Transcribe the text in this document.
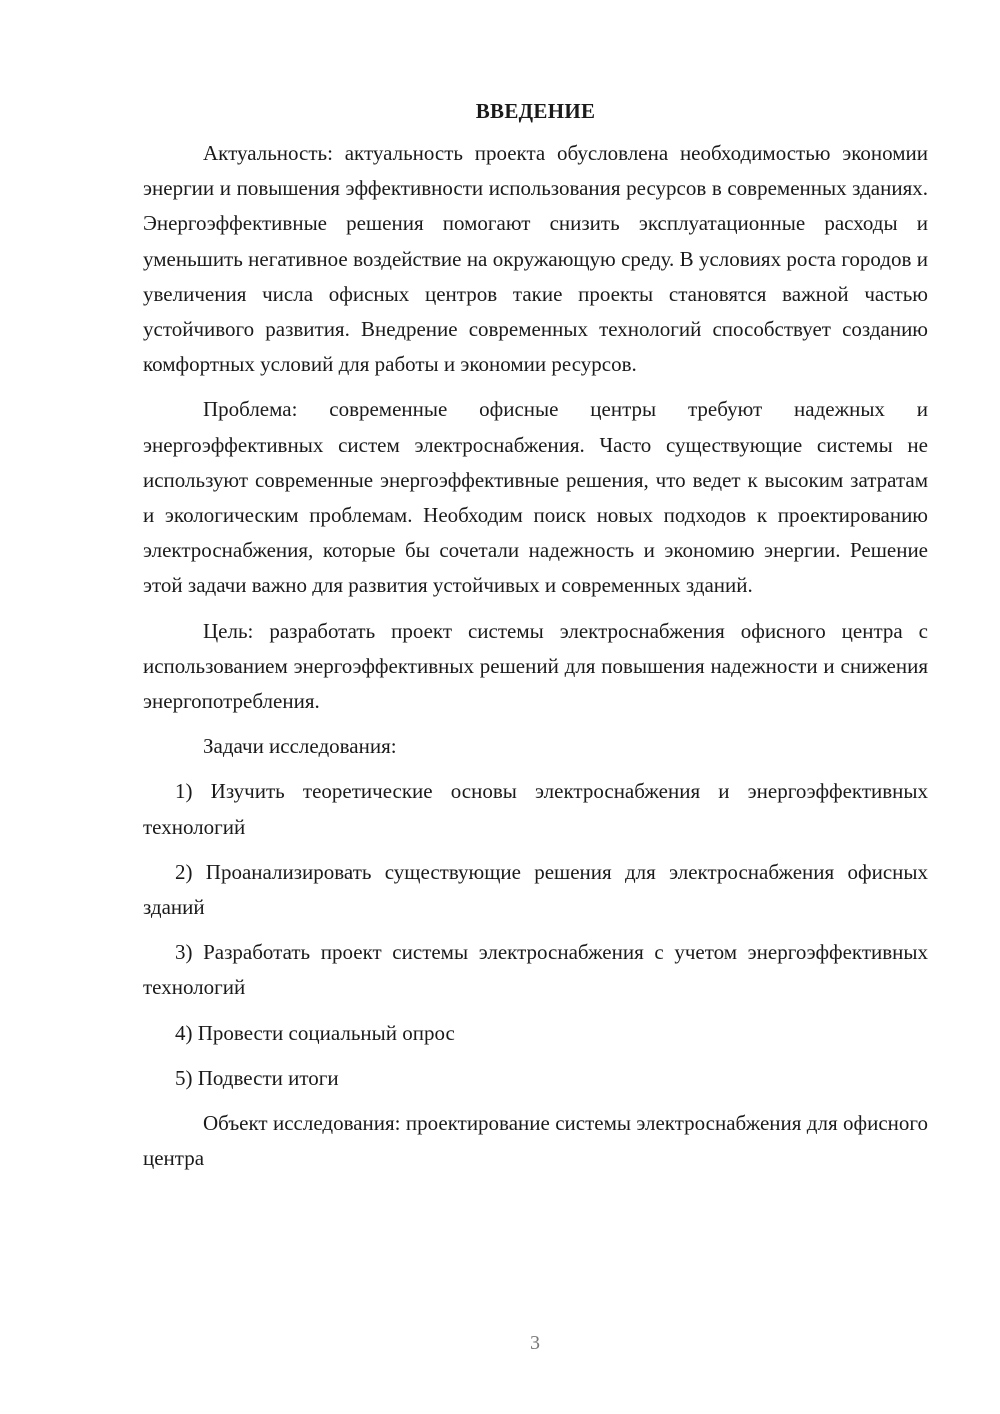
ВВЕДЕНИЕ

Актуальность: актуальность проекта обусловлена необходимостью экономии энергии и повышения эффективности использования ресурсов в современных зданиях. Энергоэффективные решения помогают снизить эксплуатационные расходы и уменьшить негативное воздействие на окружающую среду. В условиях роста городов и увеличения числа офисных центров такие проекты становятся важной частью устойчивого развития. Внедрение современных технологий способствует созданию комфортных условий для работы и экономии ресурсов.

Проблема: современные офисные центры требуют надежных и энергоэффективных систем электроснабжения. Часто существующие системы не используют современные энергоэффективные решения, что ведет к высоким затратам и экологическим проблемам. Необходим поиск новых подходов к проектированию электроснабжения, которые бы сочетали надежность и экономию энергии. Решение этой задачи важно для развития устойчивых и современных зданий.

Цель: разработать проект системы электроснабжения офисного центра с использованием энергоэффективных решений для повышения надежности и снижения энергопотребления.

Задачи исследования:

1) Изучить теоретические основы электроснабжения и энергоэффективных технологий

2) Проанализировать существующие решения для электроснабжения офисных зданий

3) Разработать проект системы электроснабжения с учетом энергоэффективных технологий

4) Провести социальный опрос

5) Подвести итоги

Объект исследования: проектирование системы электроснабжения для офисного центра

3
